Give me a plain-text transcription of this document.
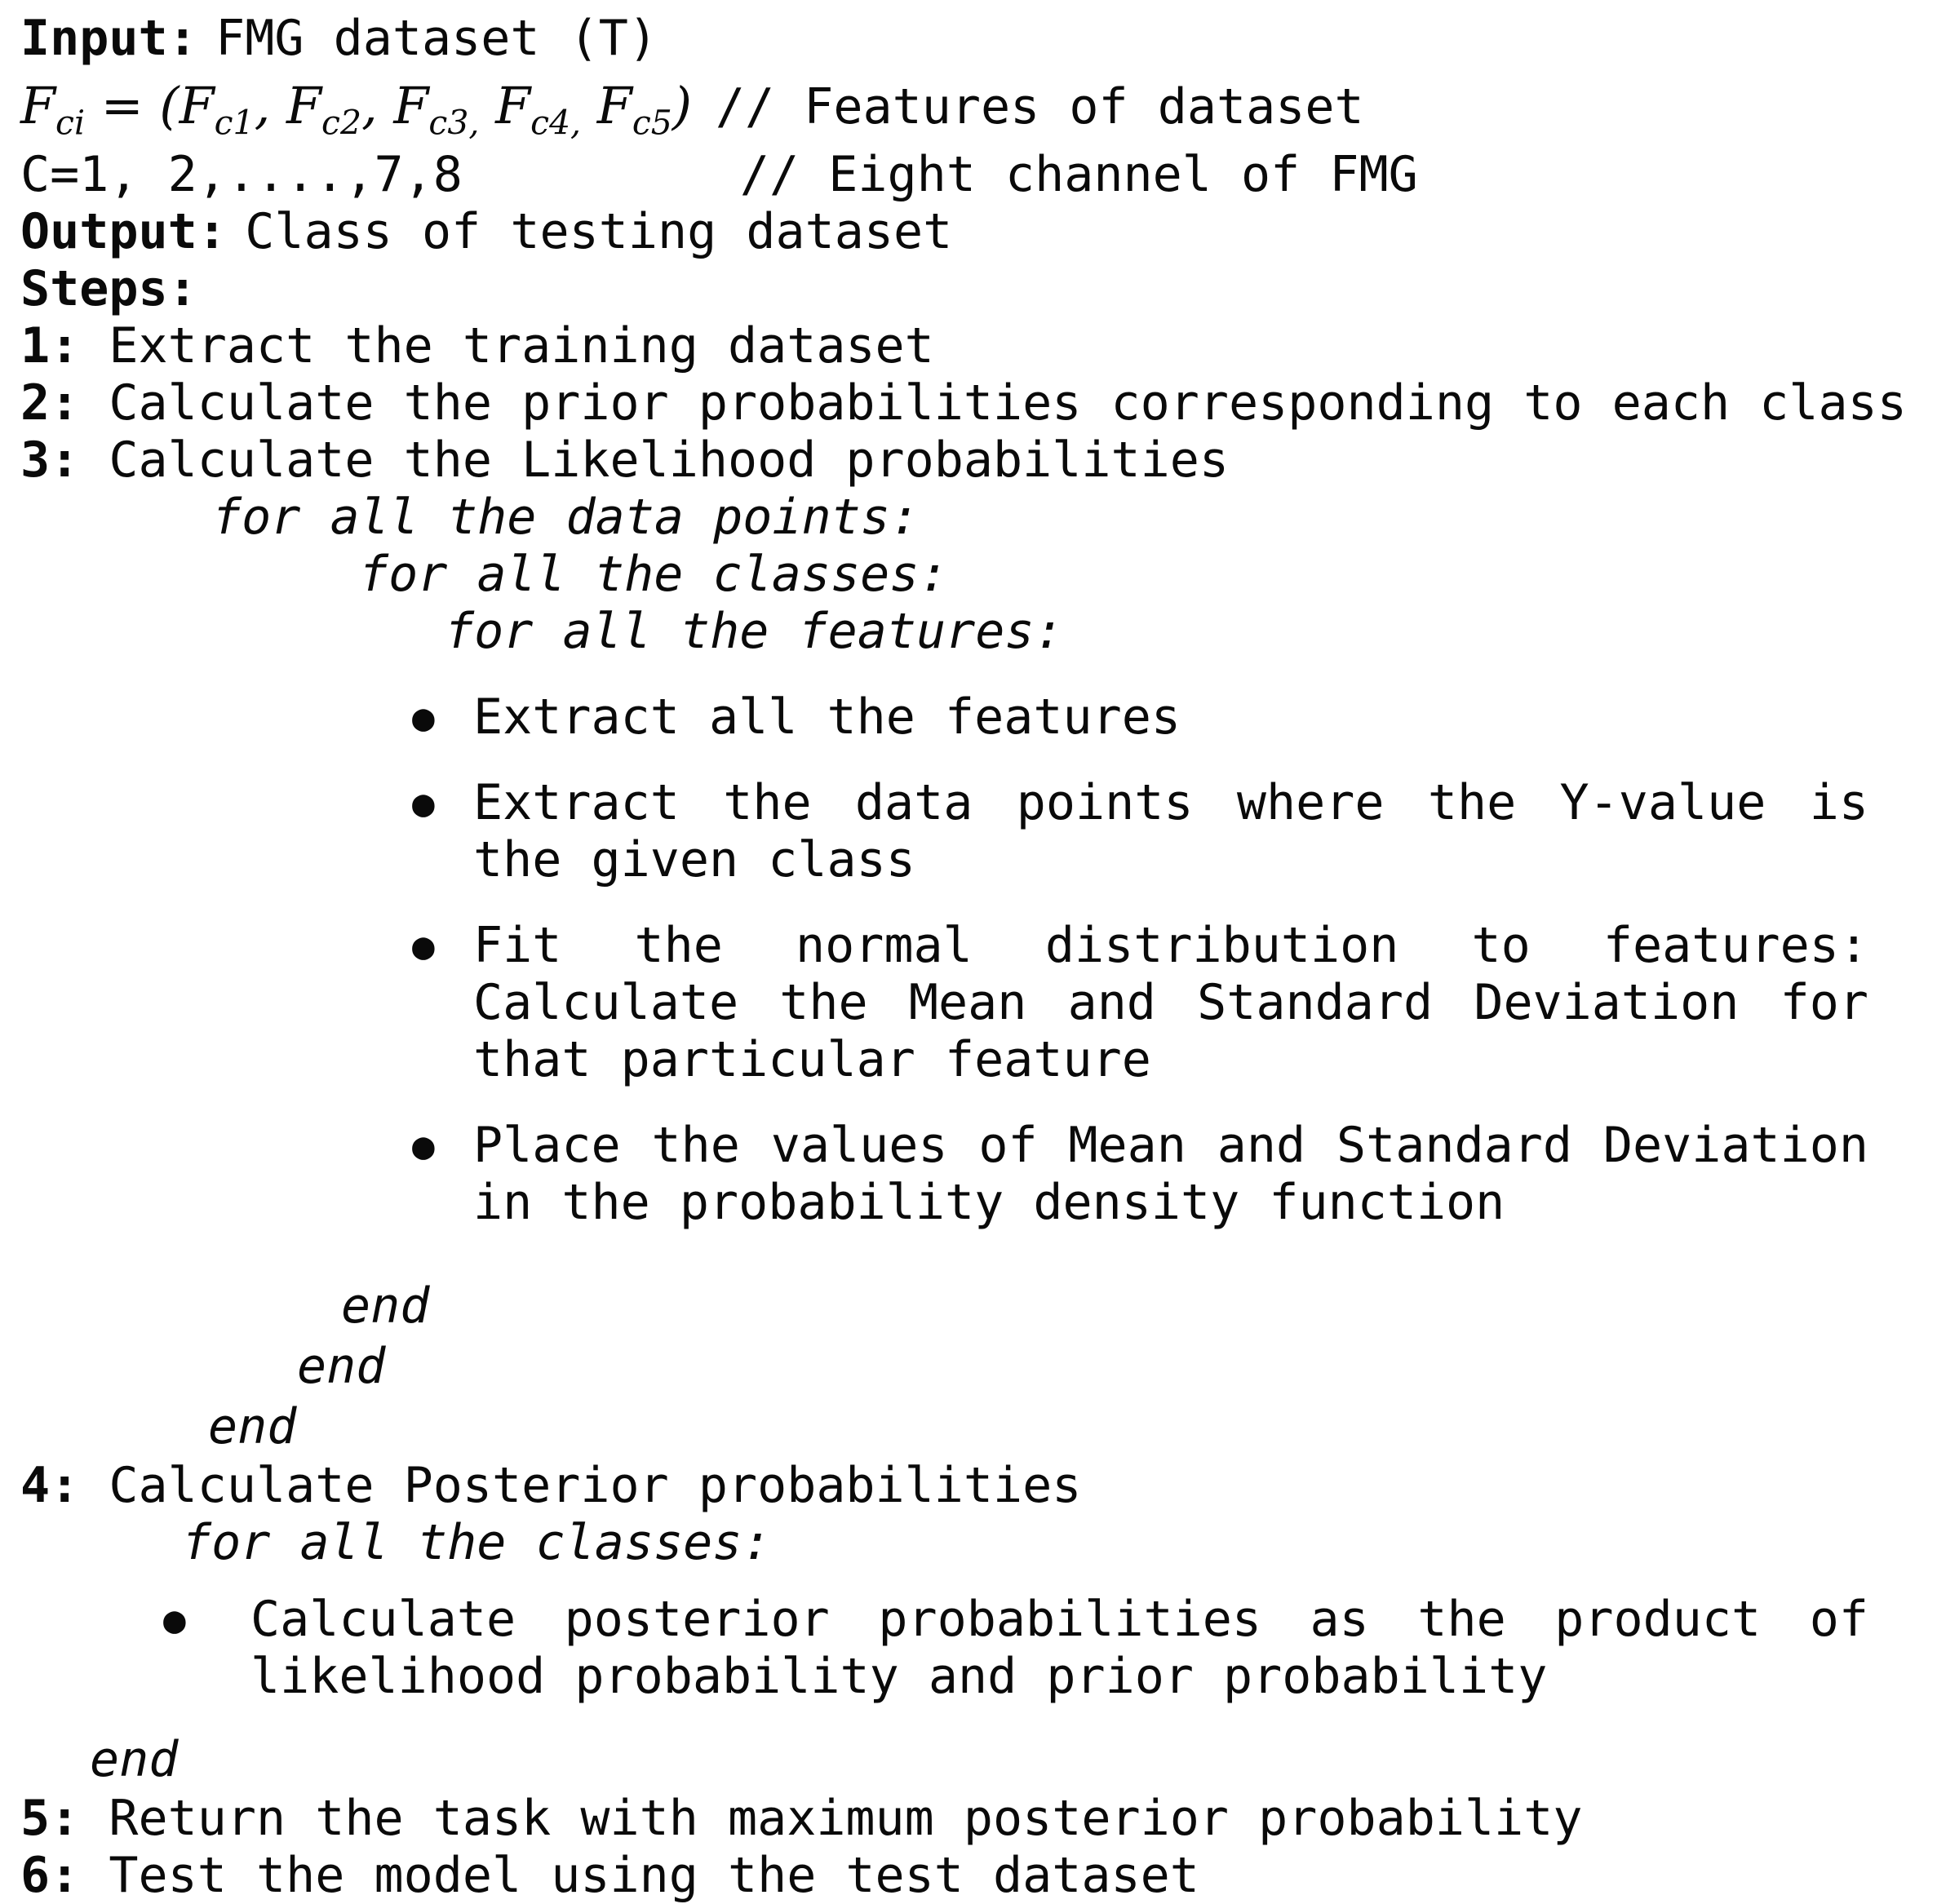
Input: FMG dataset (T)
$F_{ci} = (F_{c1}$, $F_{c2}$, $F_{c3,}$ $F_{c4,}$ $F_{c5}$) // Features of dataset
C=1, 2,....,7,8	// Eight channel of FMG
Output: Class of testing dataset
Steps:
1: Extract the training dataset
2: Calculate the prior probabilities corresponding to each class
3: Calculate the Likelihood probabilities
for all the data points:
for all the classes:
for all the features:
● Extract all the features
● Extract the data points where the Y-value is
the given class
● Fit the normal distribution to features:
Calculate the Mean and Standard Deviation for
that particular feature
● Place the values of Mean and Standard Deviation
in the probability density function
end
end
end
4: Calculate Posterior probabilities
for all the classes:
● Calculate posterior probabilities as the product of
likelihood probability and prior probability
end
5: Return the task with maximum posterior probability
6: Test the model using the test dataset
